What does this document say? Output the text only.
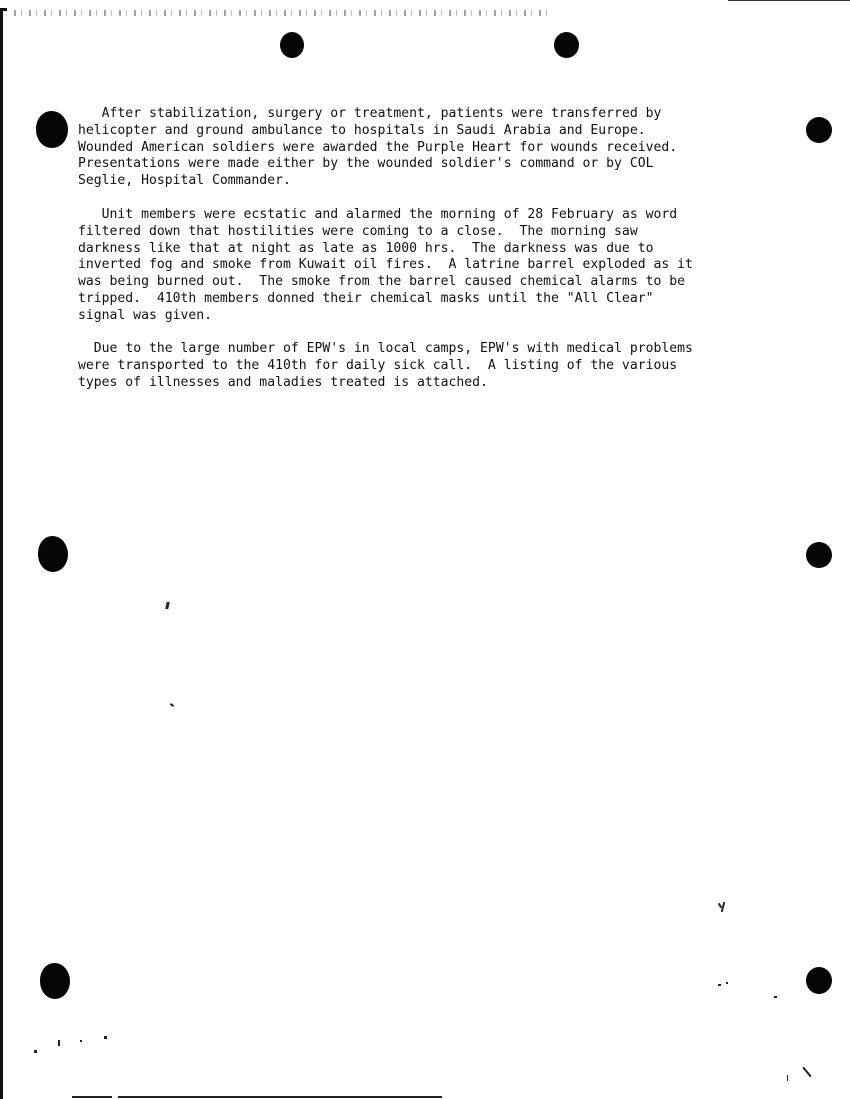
After stabilization, surgery or treatment, patients were transferred by
helicopter and ground ambulance to hospitals in Saudi Arabia and Europe.
Wounded American soldiers were awarded the Purple Heart for wounds received.
Presentations were made either by the wounded soldier's command or by COL
Seglie, Hospital Commander.

Unit members were ecstatic and alarmed the morning of 28 February as word
filtered down that hostilities were coming to a close.  The morning saw
darkness like that at night as late as 1000 hrs.  The darkness was due to
inverted fog and smoke from Kuwait oil fires.  A latrine barrel exploded as it
was being burned out.  The smoke from the barrel caused chemical alarms to be
tripped.  410th members donned their chemical masks until the "All Clear"
signal was given.

Due to the large number of EPW's in local camps, EPW's with medical problems
were transported to the 410th for daily sick call.  A listing of the various
types of illnesses and maladies treated is attached.
